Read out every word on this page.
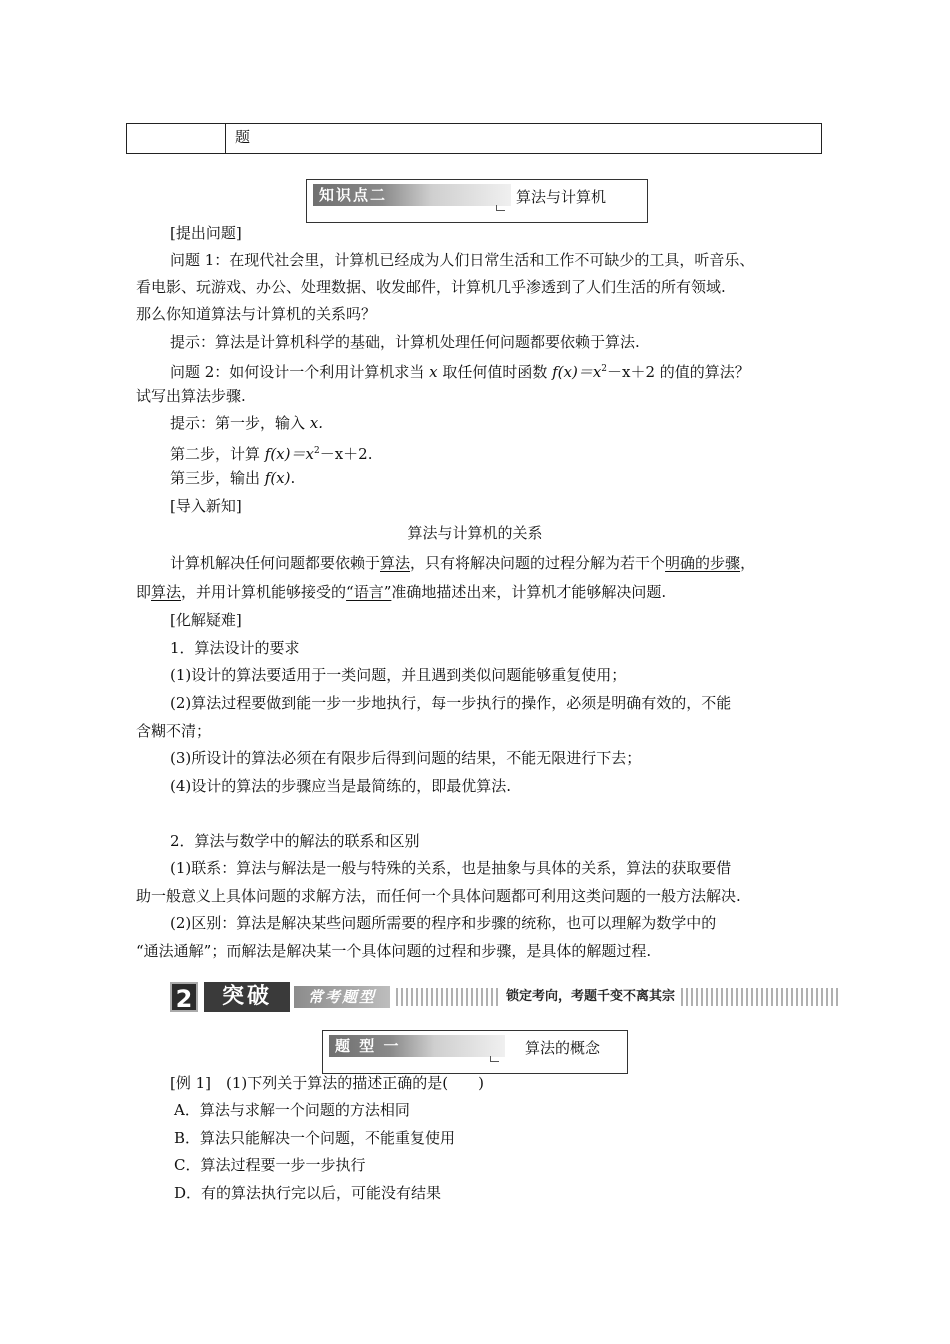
题
知识点二	算法与计算机
[提出问题]
问题 1：在现代社会里，计算机已经成为人们日常生活和工作不可缺少的工具，听音乐、
看电影、玩游戏、办公、处理数据、收发邮件，计算机几乎渗透到了人们生活的所有领域.
那么你知道算法与计算机的关系吗？
提示：算法是计算机科学的基础，计算机处理任何问题都要依赖于算法.
问题 2：如何设计一个利用计算机求当 x 取任何值时函数 $f(x)=x^2-x+2$ 的值的算法？
试写出算法步骤.
提示：第一步，输入 x.
第二步，计算 $f(x)=x^2-x+2$.
第三步，输出 f(x).
[导入新知]
算法与计算机的关系
计算机解决任何问题都要依赖于算法，只有将解决问题的过程分解为若干个明确的步骤，
即算法，并用计算机能够接受的“语言”准确地描述出来，计算机才能够解决问题.
[化解疑难]
1．算法设计的要求
(1)设计的算法要适用于一类问题，并且遇到类似问题能够重复使用；
(2)算法过程要做到能一步一步地执行，每一步执行的操作，必须是明确有效的，不能
含糊不清；
(3)所设计的算法必须在有限步后得到问题的结果，不能无限进行下去；
(4)设计的算法的步骤应当是最简练的，即最优算法.
2．算法与数学中的解法的联系和区别
(1)联系：算法与解法是一般与特殊的关系，也是抽象与具体的关系，算法的获取要借
助一般意义上具体问题的求解方法，而任何一个具体问题都可利用这类问题的一般方法解决.
(2)区别：算法是解决某些问题所需要的程序和步骤的统称，也可以理解为数学中的
“通法通解”；而解法是解决某一个具体问题的过程和步骤，是具体的解题过程.
2	突破	常考题型	锁定考向，考题千变不离其宗
题 型 一	算法的概念
[例 1]　(1)下列关于算法的描述正确的是(　　)
A．算法与求解一个问题的方法相同
B．算法只能解决一个问题，不能重复使用
C．算法过程要一步一步执行
D．有的算法执行完以后，可能没有结果
